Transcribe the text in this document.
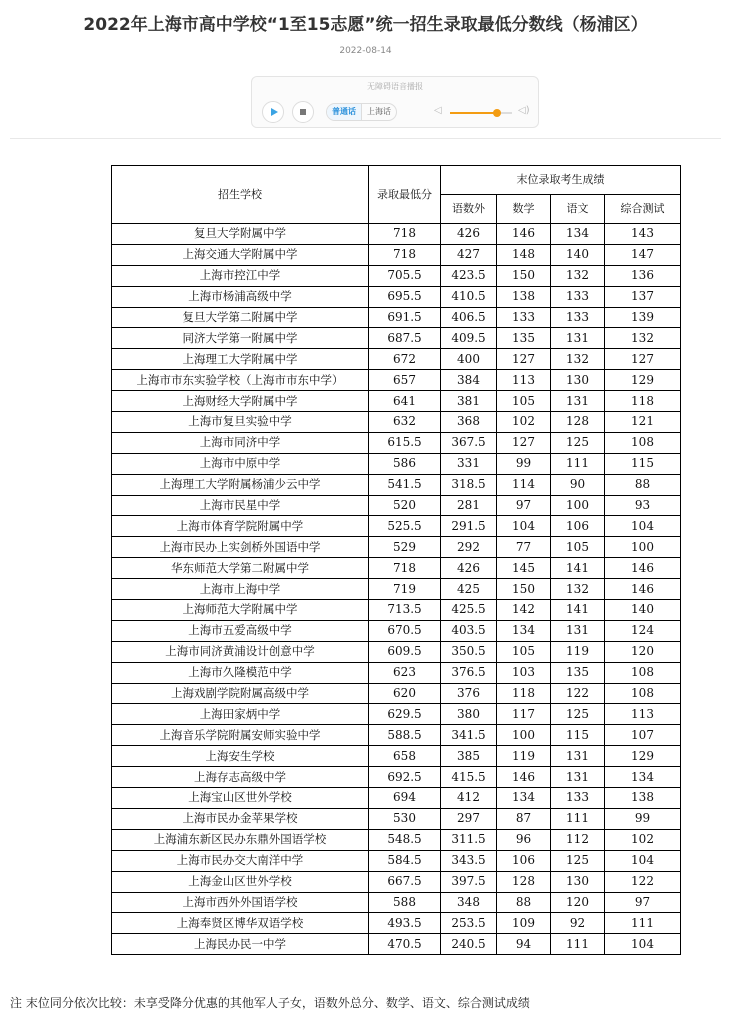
2022年上海市高中学校“1至15志愿”统一招生录取最低分数线（杨浦区）
2022-08-14
无障碍语音播报
普通话	上海话	◁	◁)
招生学校	录取最低分	末位录取考生成绩			
		语数外	数学	语文	综合测试
复旦大学附属中学	718	426	146	134	143
上海交通大学附属中学	718	427	148	140	147
上海市控江中学	705.5	423.5	150	132	136
上海市杨浦高级中学	695.5	410.5	138	133	137
复旦大学第二附属中学	691.5	406.5	133	133	139
同济大学第一附属中学	687.5	409.5	135	131	132
上海理工大学附属中学	672	400	127	132	127
上海市市东实验学校（上海市市东中学）	657	384	113	130	129
上海财经大学附属中学	641	381	105	131	118
上海市复旦实验中学	632	368	102	128	121
上海市同济中学	615.5	367.5	127	125	108
上海市中原中学	586	331	99	111	115
上海理工大学附属杨浦少云中学	541.5	318.5	114	90	88
上海市民星中学	520	281	97	100	93
上海市体育学院附属中学	525.5	291.5	104	106	104
上海市民办上实剑桥外国语中学	529	292	77	105	100
华东师范大学第二附属中学	718	426	145	141	146
上海市上海中学	719	425	150	132	146
上海师范大学附属中学	713.5	425.5	142	141	140
上海市五爱高级中学	670.5	403.5	134	131	124
上海市同济黄浦设计创意中学	609.5	350.5	105	119	120
上海市久隆模范中学	623	376.5	103	135	108
上海戏剧学院附属高级中学	620	376	118	122	108
上海田家炳中学	629.5	380	117	125	113
上海音乐学院附属安师实验中学	588.5	341.5	100	115	107
上海安生学校	658	385	119	131	129
上海存志高级中学	692.5	415.5	146	131	134
上海宝山区世外学校	694	412	134	133	138
上海市民办金苹果学校	530	297	87	111	99
上海浦东新区民办东鼎外国语学校	548.5	311.5	96	112	102
上海市民办交大南洋中学	584.5	343.5	106	125	104
上海金山区世外学校	667.5	397.5	128	130	122
上海市西外外国语学校	588	348	88	120	97
上海奉贤区博华双语学校	493.5	253.5	109	92	111
上海民办民一中学	470.5	240.5	94	111	104
注 末位同分依次比较：未享受降分优惠的其他军人子女，语数外总分、数学、语文、综合测试成绩
